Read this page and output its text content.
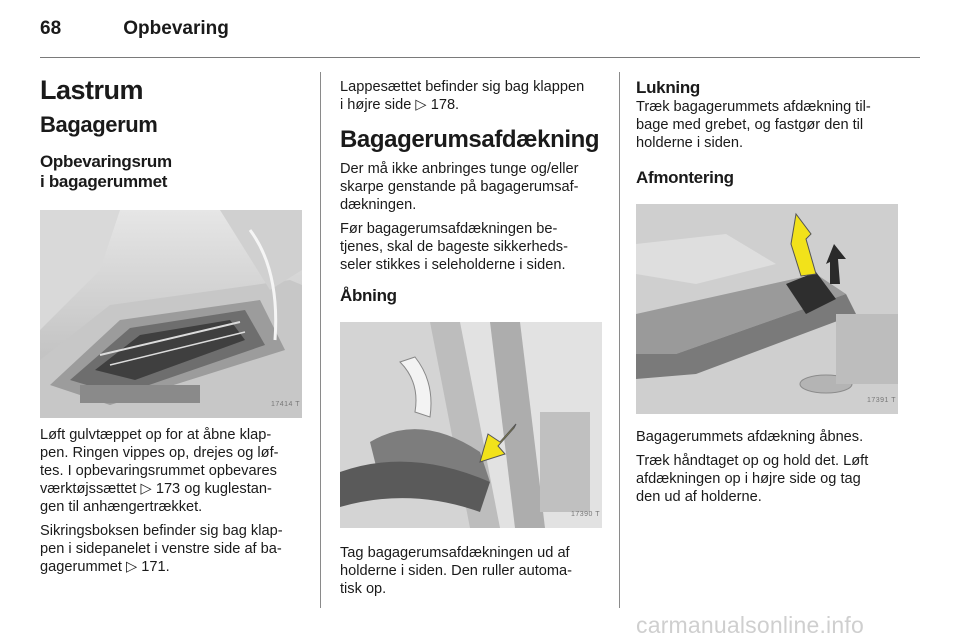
68	Opbevaring
Lastrum
Bagagerum
Opbevaringsrum
i bagagerummet
17414 T

Løft gulvtæppet op for at åbne klap-
pen. Ringen vippes op, drejes og løf-
tes. I opbevaringsrummet opbevares
værktøjssættet ▷ 173 og kuglestan-
gen til anhængertrækket.

Sikringsboksen befinder sig bag klap-
pen i sidepanelet i venstre side af ba-
gagerummet ▷ 171.

Lappesættet befinder sig bag klappen
i højre side ▷ 178.

Bagagerumsafdækning

Der må ikke anbringes tunge og/eller
skarpe genstande på bagagerumsaf-
dækningen.

Før bagagerumsafdækningen be-
tjenes, skal de bageste sikkerheds-
seler stikkes i seleholderne i siden.

Åbning
17390 T

Tag bagagerumsafdækningen ud af
holderne i siden. Den ruller automa-
tisk op.

Lukning

Træk bagagerummets afdækning til-
bage med grebet, og fastgør den til
holderne i siden.

Afmontering
17391 T

Bagagerummets afdækning åbnes.

Træk håndtaget op og hold det. Løft
afdækningen op i højre side og tag
den ud af holderne.

carmanualsonline.info
